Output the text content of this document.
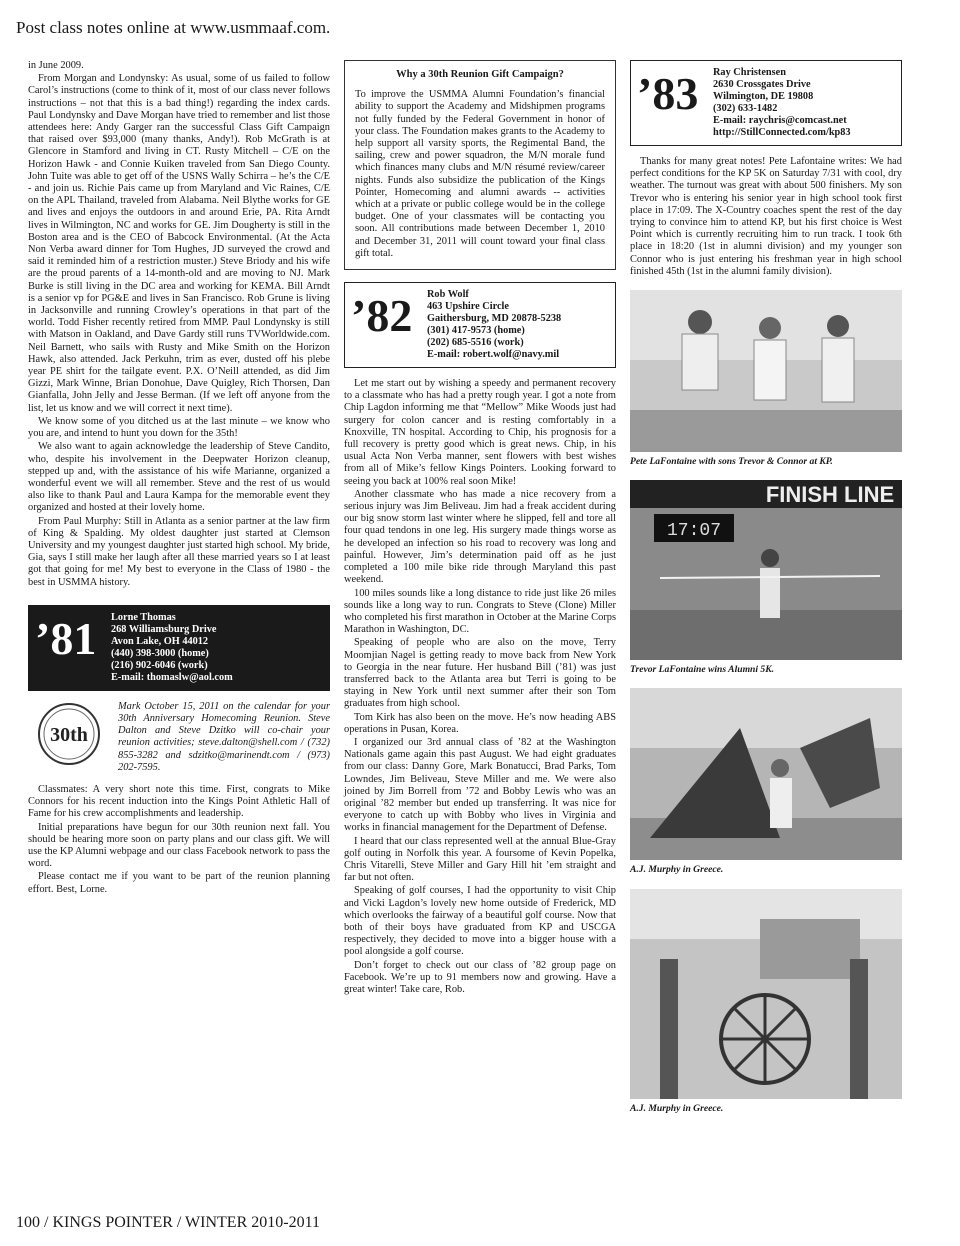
Post class notes online at www.usmmaaf.com.

in June 2009.

From Morgan and Londynsky: As usual, some of us failed to follow Carol’s instructions (come to think of it, most of our class never follows instructions – not that this is a bad thing!) regarding the index cards. Paul Londynsky and Dave Morgan have tried to remember and list those attendees here: Andy Garger ran the successful Class Gift Campaign that raised over $93,000 (many thanks, Andy!). Rob McGrath is at Glencore in Stamford and living in CT. Rusty Mitchell – C/E on the Horizon Hawk - and Connie Kuiken traveled from San Diego County. John Tuite was able to get off of the USNS Wally Schirra – he’s the C/E - and join us. Richie Pais came up from Maryland and Vic Raines, C/E on the APL Thailand, traveled from Alabama. Neil Blythe works for GE and lives and enjoys the outdoors in and around Erie, PA. Rita Arndt lives in Wilmington, NC and works for GE. Jim Dougherty is still in the Boston area and is the CEO of Babcock Environmental. (At the Acta Non Verba award dinner for Tom Hughes, JD surveyed the crowd and said it reminded him of a restriction muster.) Steve Briody and his wife are the proud parents of a 14-month-old and are moving to NJ. Mark Burke is still living in the DC area and working for KEMA. Bill Arndt is a senior vp for PG&E and lives in San Francisco. Rob Grune is living in Jacksonville and running Crowley’s operations in that part of the world. Todd Fisher recently retired from MMP. Paul Londynsky is still with Matson in Oakland, and Dave Gardy still runs TVWorldwide.com. Neil Barnett, who sails with Rusty and Mike Smith on the Horizon Hawk, also attended. Jack Perkuhn, trim as ever, dusted off his plebe year PE shirt for the tailgate event. P.X. O’Neill attended, as did Jim Gizzi, Mark Winne, Brian Donohue, Dave Quigley, Rich Thorsen, Dan Gianfalla, John Jelly and Jesse Berman. (If we left off anyone from the list, let us know and we will correct it next time).

We know some of you ditched us at the last minute – we know who you are, and intend to hunt you down for the 35th!

We also want to again acknowledge the leadership of Steve Candito, who, despite his involvement in the Deepwater Horizon cleanup, stepped up and, with the assistance of his wife Marianne, organized a wonderful event we will all remember. Steve and the rest of us would also like to thank Paul and Laura Kampa for the memorable event they organized and hosted at their lovely home.

From Paul Murphy: Still in Atlanta as a senior partner at the law firm of King & Spalding. My oldest daughter just started at Clemson University and my youngest daughter just started high school. My bride, Gia, says I still make her laugh after all these married years so I at least got that going for me! My best to everyone in the Class of 1980 - the best in USMMA history.

’81	Lorne Thomas
268 Williamsburg Drive
Avon Lake, OH 44012
(440) 398-3000 (home)
(216) 902-6046 (work)
E-mail: thomaslw@aol.com
30th
Mark October 15, 2011 on the calendar for your 30th Anniversary Homecoming Reunion. Steve Dalton and Steve Dzitko will co-chair your reunion activities; steve.dalton@shell.com / (732) 855-3282 and sdzitko@marinendt.com / (973) 202-7595.

Classmates: A very short note this time. First, congrats to Mike Connors for his recent induction into the Kings Point Athletic Hall of Fame for his crew accomplishments and leadership.

Initial preparations have begun for our 30th reunion next fall. You should be hearing more soon on party plans and our class gift. We will use the KP Alumni webpage and our class Facebook network to pass the word.

Please contact me if you want to be part of the reunion planning effort. Best, Lorne.

Why a 30th Reunion Gift Campaign?

To improve the USMMA Alumni Foundation’s financial ability to support the Academy and Midshipmen programs not fully funded by the Federal Government in honor of your class. The Foundation makes grants to the Academy to help support all varsity sports, the Regimental Band, the sailing, crew and power squadron, the M/N morale fund which finances many clubs and M/N résumé review/career nights. Funds also subsidize the publication of the Kings Pointer, Homecoming and alumni awards -- activities which at a private or public college would be in the college budget. One of your classmates will be contacting you soon. All contributions made between December 1, 2010 and December 31, 2011 will count toward your final class gift total.

’82	Rob Wolf
463 Upshire Circle
Gaithersburg, MD 20878-5238
(301) 417-9573 (home)
(202) 685-5516 (work)
E-mail: robert.wolf@navy.mil

Let me start out by wishing a speedy and permanent recovery to a classmate who has had a pretty rough year. I got a note from Chip Lagdon informing me that “Mellow” Mike Woods just had surgery for colon cancer and is resting comfortably in a Knoxville, TN hospital. According to Chip, his prognosis for a full recovery is pretty good which is great news. Chip, in his usual Acta Non Verba manner, sent flowers with best wishes from all of Mike’s fellow Kings Pointers. Looking forward to seeing you back at 100% real soon Mike!

Another classmate who has made a nice recovery from a serious injury was Jim Beliveau. Jim had a freak accident during our big snow storm last winter where he slipped, fell and tore all four quad tendons in one leg. His surgery made things worse as he developed an infection so his road to recovery was long and painful. However, Jim’s determination paid off as he just completed a 100 mile bike ride through Maryland this past weekend.

100 miles sounds like a long distance to ride just like 26 miles sounds like a long way to run. Congrats to Steve (Clone) Miller who completed his first marathon in October at the Marine Corps Marathon in Washington, DC.

Speaking of people who are also on the move, Terry Moomjian Nagel is getting ready to move back from New York to Georgia in the near future. Her husband Bill (’81) was just transferred back to the Atlanta area but Terri is going to be staying in New York until next summer after their son Tom graduates from high school.

Tom Kirk has also been on the move. He’s now heading ABS operations in Pusan, Korea.

I organized our 3rd annual class of ’82 at the Washington Nationals game again this past August. We had eight graduates from our class: Danny Gore, Mark Bonatucci, Brad Parks, Tom Lowndes, Jim Beliveau, Steve Miller and me. We were also joined by Jim Borrell from ’72 and Bobby Lewis who was an original ’82 member but ended up transferring. It was nice for everyone to catch up with Bobby who lives in Virginia and works in financial management for the Department of Defense.

I heard that our class represented well at the annual Blue-Gray golf outing in Norfolk this year. A foursome of Kevin Popelka, Chris Vitarelli, Steve Miller and Gary Hill hit ’em straight and far but not often.

Speaking of golf courses, I had the opportunity to visit Chip and Vicki Lagdon’s lovely new home outside of Frederick, MD which overlooks the fairway of a beautiful golf course. Now that both of their boys have graduated from KP and USCGA respectively, they decided to move into a bigger house with a pool alongside a golf course.

Don’t forget to check out our class of ’82 group page on Facebook. We’re up to 91 members now and growing. Have a great winter! Take care, Rob.

’83	Ray Christensen
2630 Crossgates Drive
Wilmington, DE 19808
(302) 633-1482
E-mail: raychris@comcast.net
http://StillConnected.com/kp83

Thanks for many great notes! Pete Lafontaine writes: We had perfect conditions for the KP 5K on Saturday 7/31 with cool, dry weather. The turnout was great with about 500 finishers. My son Trevor who is entering his senior year in high school took first place in 17:09. The X-Country coaches spent the rest of the day trying to convince him to attend KP, but his first choice is West Point which is currently recruiting him to run track. I took 6th place in 18:20 (1st in alumni division) and my younger son Connor who is just entering his freshman year in high school finished 45th (1st in the alumni family division).

Pete LaFontaine with sons Trevor & Connor at KP.
FINISH LINE
17:07
Trevor LaFontaine wins Alumni 5K.
A.J. Murphy in Greece.
A.J. Murphy in Greece.
100 / KINGS POINTER / WINTER 2010-2011
